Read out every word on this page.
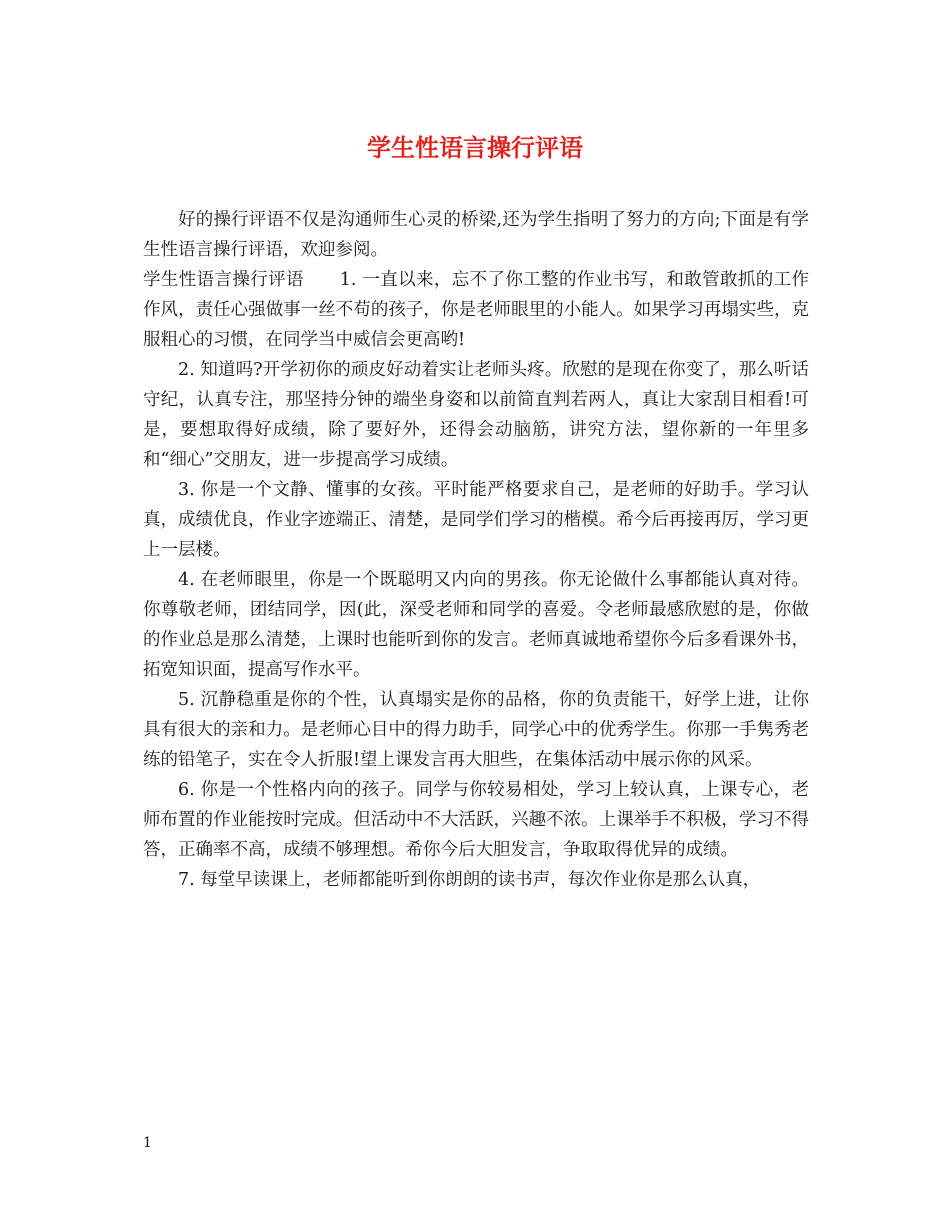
学生性语言操行评语

好的操行评语不仅是沟通师生心灵的桥梁,还为学生指明了努力的方向;下面是有学生性语言操行评语，欢迎参阅。

学生性语言操行评语　　1. 一直以来，忘不了你工整的作业书写，和敢管敢抓的工作作风，责任心强做事一丝不苟的孩子，你是老师眼里的小能人。如果学习再塌实些，克服粗心的习惯，在同学当中威信会更高哟!

2. 知道吗?开学初你的顽皮好动着实让老师头疼。欣慰的是现在你变了，那么听话守纪，认真专注，那坚持分钟的端坐身姿和以前简直判若两人，真让大家刮目相看!可是，要想取得好成绩，除了要好外，还得会动脑筋，讲究方法，望你新的一年里多和“细心”交朋友，进一步提高学习成绩。

3. 你是一个文静、懂事的女孩。平时能严格要求自己，是老师的好助手。学习认真，成绩优良，作业字迹端正、清楚，是同学们学习的楷模。希今后再接再厉，学习更上一层楼。

4. 在老师眼里，你是一个既聪明又内向的男孩。你无论做什么事都能认真对待。你尊敬老师，团结同学，因(此，深受老师和同学的喜爱。令老师最感欣慰的是，你做的作业总是那么清楚，上课时也能听到你的发言。老师真诚地希望你今后多看课外书，拓宽知识面，提高写作水平。

5. 沉静稳重是你的个性，认真塌实是你的品格，你的负责能干，好学上进，让你具有很大的亲和力。是老师心目中的得力助手，同学心中的优秀学生。你那一手隽秀老练的铅笔子，实在令人折服!望上课发言再大胆些，在集体活动中展示你的风采。

6. 你是一个性格内向的孩子。同学与你较易相处，学习上较认真，上课专心，老师布置的作业能按时完成。但活动中不大活跃，兴趣不浓。上课举手不积极，学习不得答，正确率不高，成绩不够理想。希你今后大胆发言，争取取得优异的成绩。

7. 每堂早读课上，老师都能听到你朗朗的读书声，每次作业你是那么认真，

1
